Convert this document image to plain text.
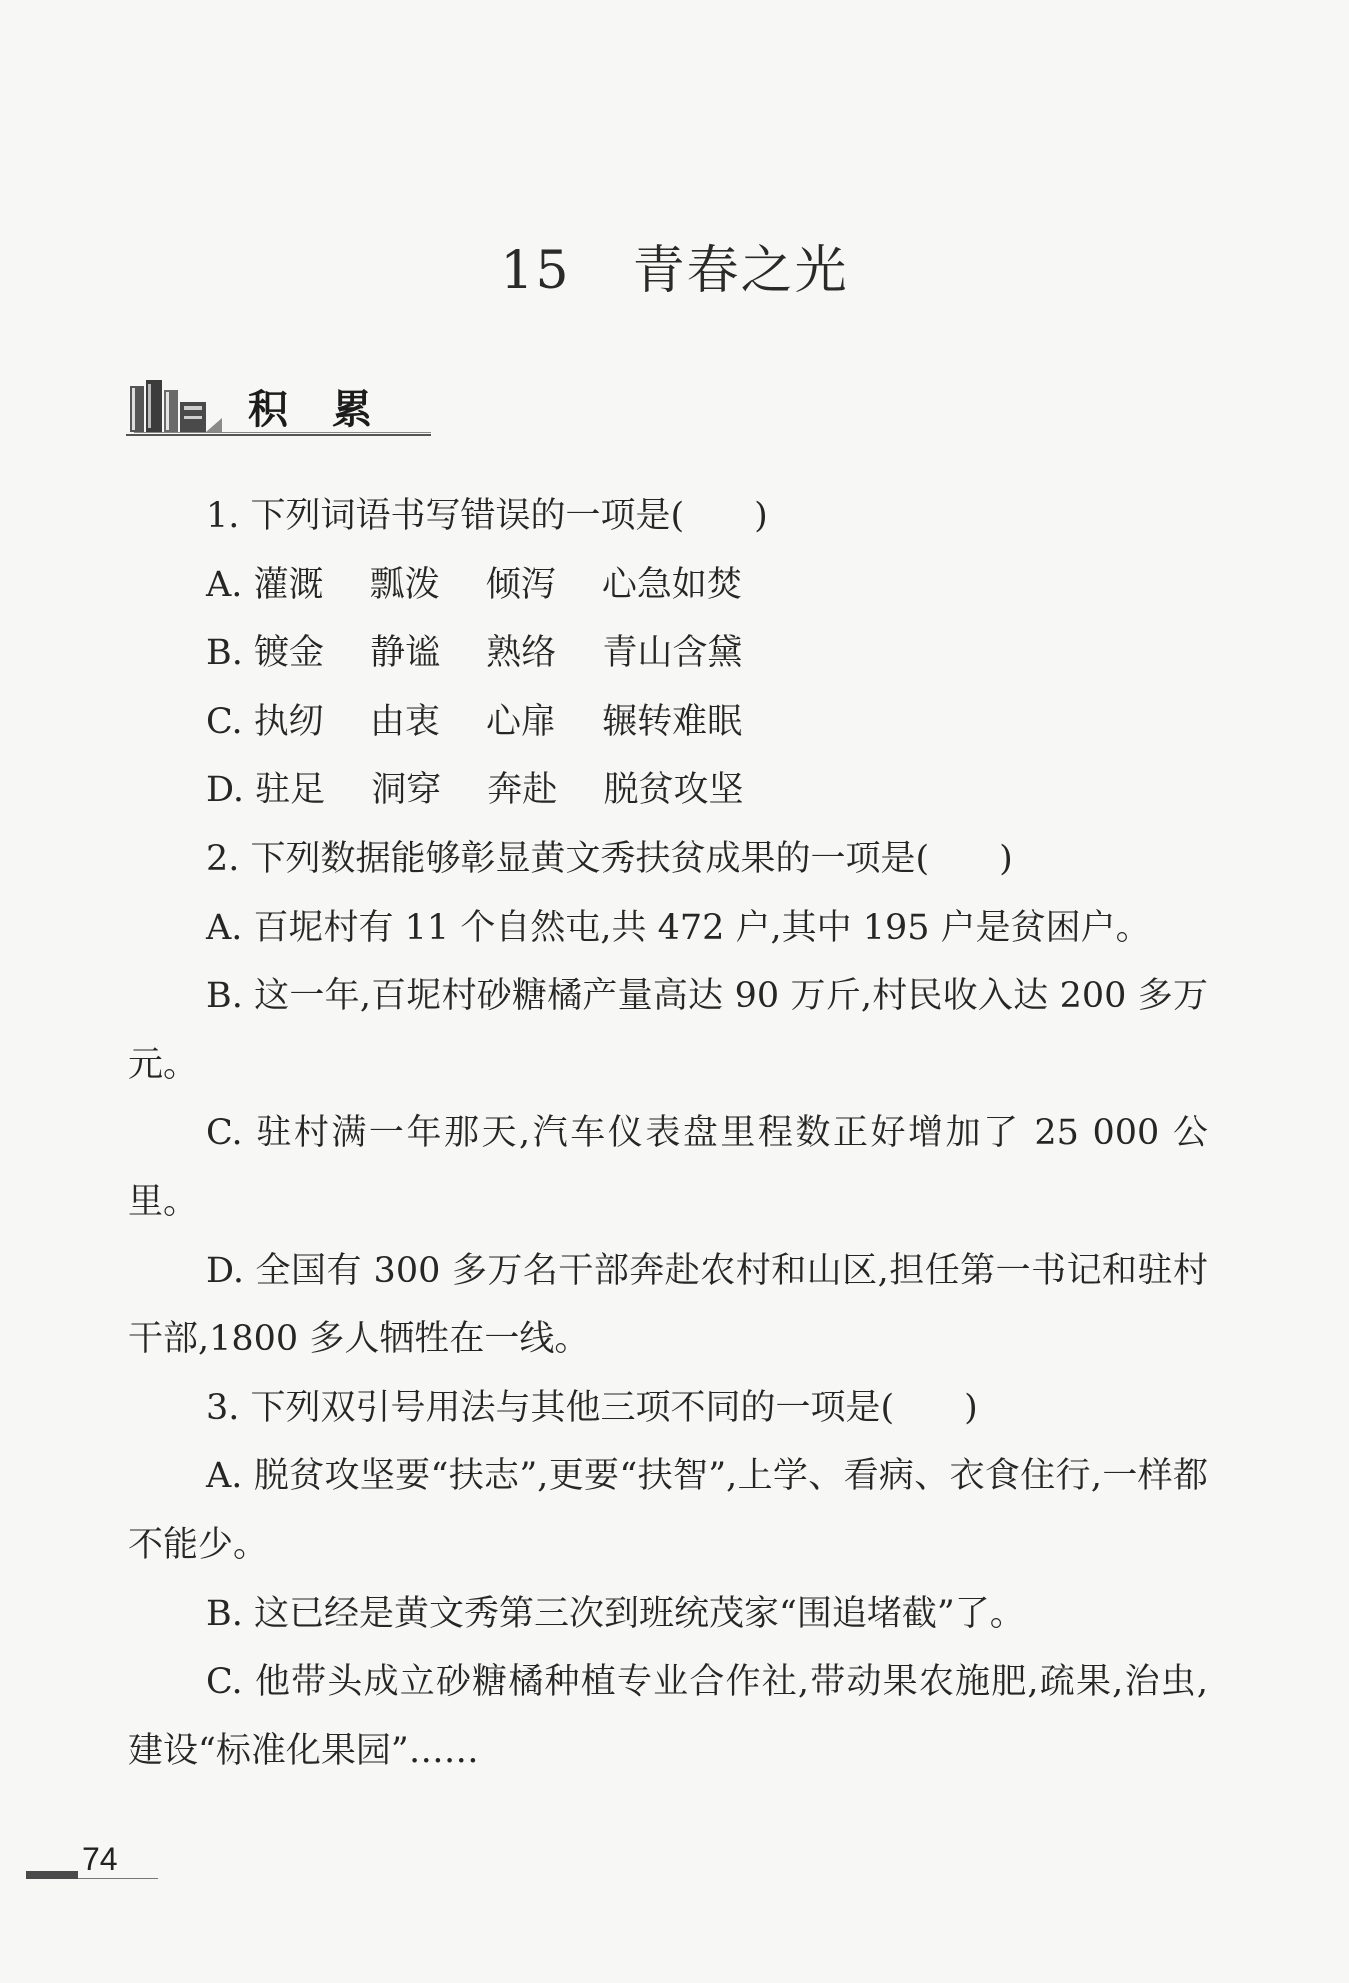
15 青春之光
积累

1. 下列词语书写错误的一项是(　　)

A. 灌溉　 瓢泼　 倾泻　 心急如焚

B. 镀金　 静谧　 熟络　 青山含黛

C. 执纫　 由衷　 心扉　 辗转难眠

D. 驻足　 洞穿　 奔赴　 脱贫攻坚

2. 下列数据能够彰显黄文秀扶贫成果的一项是(　　)

A. 百坭村有 11 个自然屯,共 472 户,其中 195 户是贫困户。

B. 这一年,百坭村砂糖橘产量高达 90 万斤,村民收入达 200 多万元。

C. 驻村满一年那天,汽车仪表盘里程数正好增加了 25 000 公里。

D. 全国有 300 多万名干部奔赴农村和山区,担任第一书记和驻村干部,1800 多人牺牲在一线。

3. 下列双引号用法与其他三项不同的一项是(　　)

A. 脱贫攻坚要“扶志”,更要“扶智”,上学、看病、衣食住行,一样都不能少。

B. 这已经是黄文秀第三次到班统茂家“围追堵截”了。

C. 他带头成立砂糖橘种植专业合作社,带动果农施肥,疏果,治虫,建设“标准化果园”……

74
